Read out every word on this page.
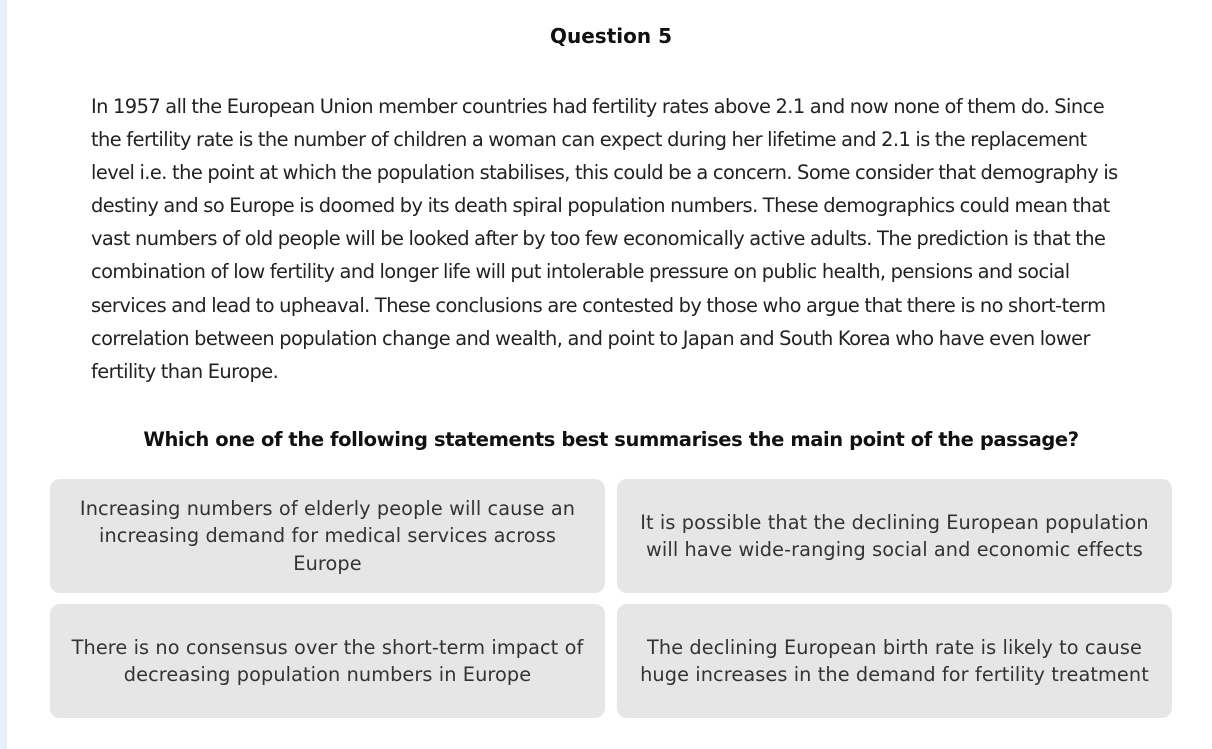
Question 5

In 1957 all the European Union member countries had fertility rates above 2.1 and now none of them do. Since the fertility rate is the number of children a woman can expect during her lifetime and 2.1 is the replacement level i.e. the point at which the population stabilises, this could be a concern. Some consider that demography is destiny and so Europe is doomed by its death spiral population numbers. These demographics could mean that vast numbers of old people will be looked after by too few economically active adults. The prediction is that the combination of low fertility and longer life will put intolerable pressure on public health, pensions and social services and lead to upheaval. These conclusions are contested by those who argue that there is no short-term correlation between population change and wealth, and point to Japan and South Korea who have even lower fertility than Europe.

Which one of the following statements best summarises the main point of the passage?
Increasing numbers of elderly people will cause an increasing demand for medical services across Europe
It is possible that the declining European population will have wide-ranging social and economic effects
There is no consensus over the short-term impact of decreasing population numbers in Europe
The declining European birth rate is likely to cause huge increases in the demand for fertility treatment
